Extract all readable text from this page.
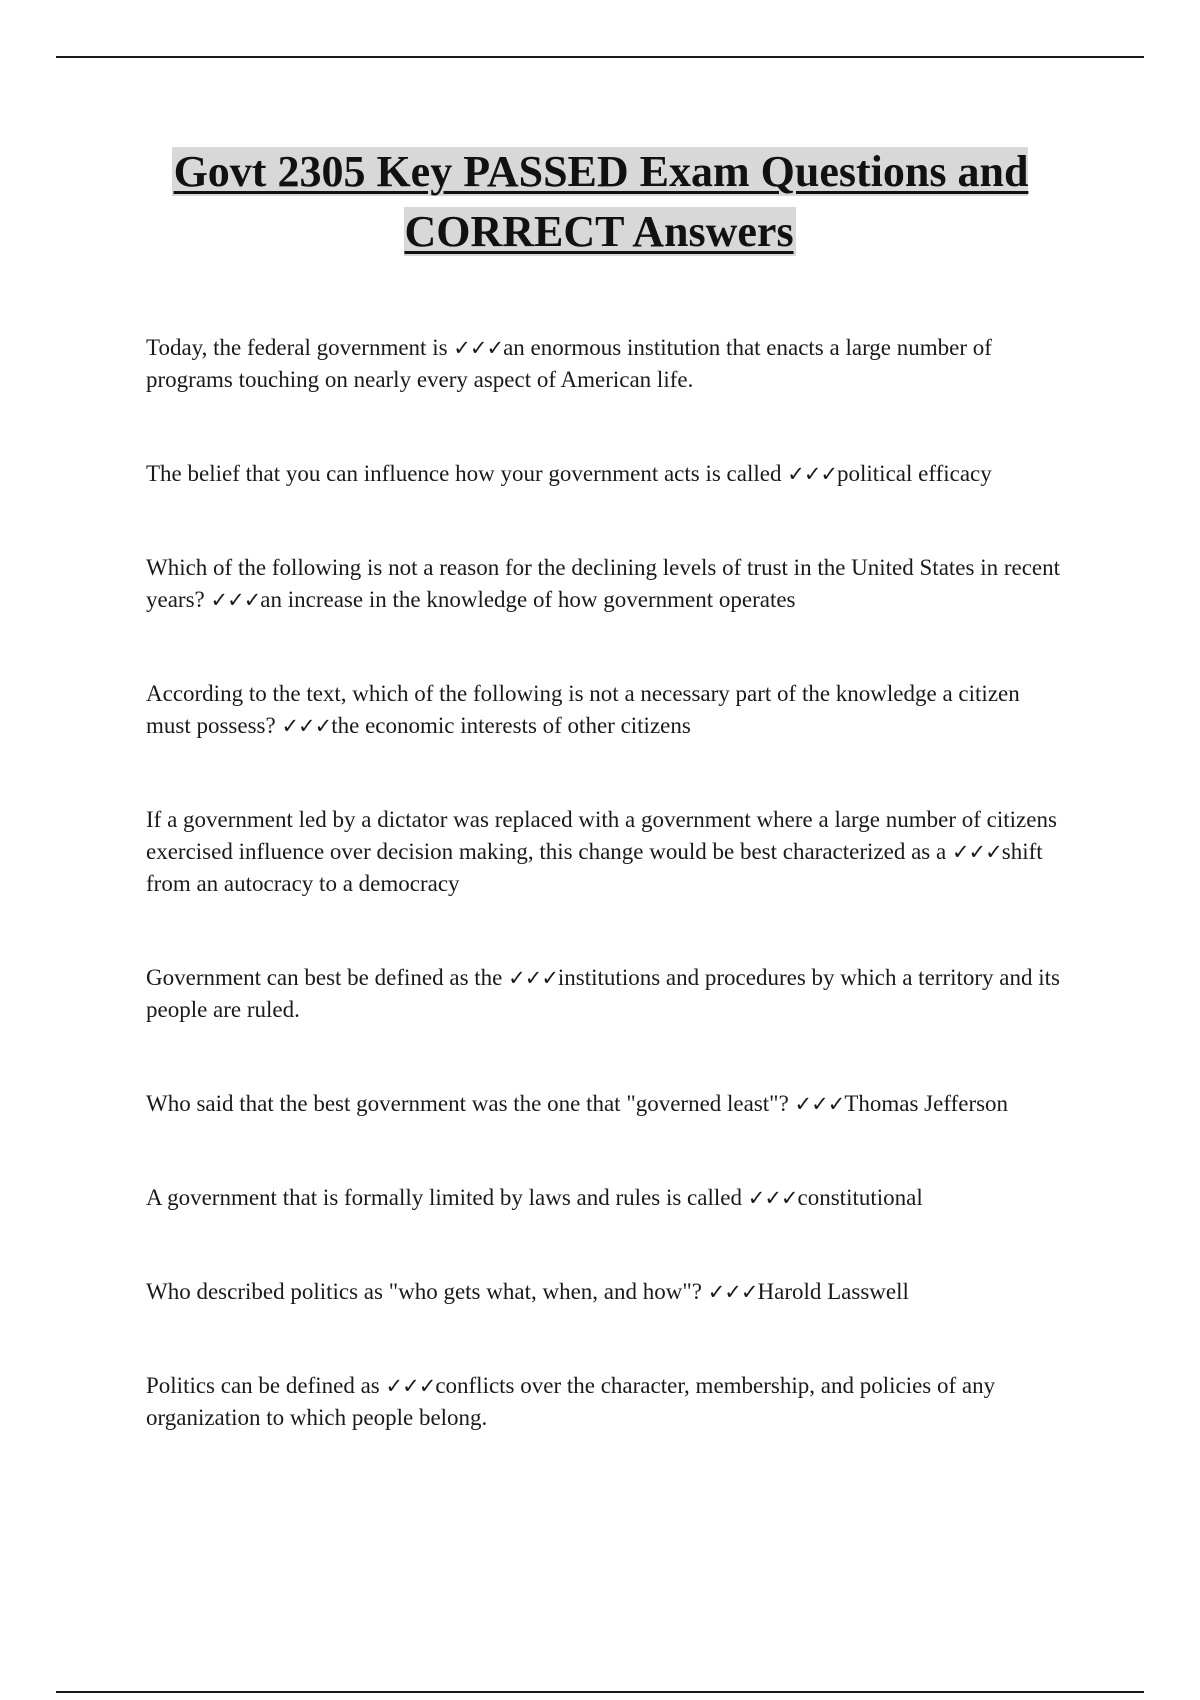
Govt 2305 Key PASSED Exam Questions and CORRECT Answers
Today, the federal government is ✓✓✓an enormous institution that enacts a large number of programs touching on nearly every aspect of American life.
The belief that you can influence how your government acts is called ✓✓✓political efficacy
Which of the following is not a reason for the declining levels of trust in the United States in recent years? ✓✓✓an increase in the knowledge of how government operates
According to the text, which of the following is not a necessary part of the knowledge a citizen must possess? ✓✓✓the economic interests of other citizens
If a government led by a dictator was replaced with a government where a large number of citizens exercised influence over decision making, this change would be best characterized as a ✓✓✓shift from an autocracy to a democracy
Government can best be defined as the ✓✓✓institutions and procedures by which a territory and its people are ruled.
Who said that the best government was the one that "governed least"? ✓✓✓Thomas Jefferson
A government that is formally limited by laws and rules is called ✓✓✓constitutional
Who described politics as "who gets what, when, and how"? ✓✓✓Harold Lasswell
Politics can be defined as ✓✓✓conflicts over the character, membership, and policies of any organization to which people belong.
